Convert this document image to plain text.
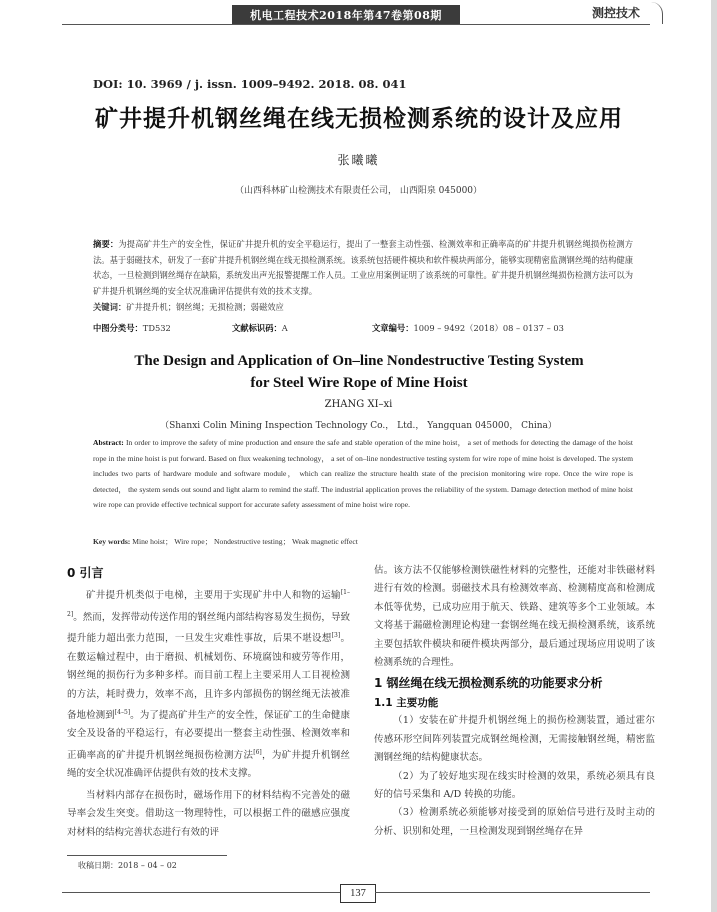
机电工程技术2018年第47卷第08期	测控技术
DOI: 10. 3969 / j. issn. 1009–9492. 2018. 08. 041
矿井提升机钢丝绳在线无损检测系统的设计及应用
张曦曦
（山西科林矿山检测技术有限责任公司， 山西阳泉 045000）
摘要：为提高矿井生产的安全性，保证矿井提升机的安全平稳运行，提出了一整套主动性强、检测效率和正确率高的矿井提升机钢丝绳损伤检测方法。基于弱磁技术，研发了一套矿井提升机钢丝绳在线无损检测系统。该系统包括硬件模块和软件模块两部分，能够实现精密监测钢丝绳的结构健康状态，一旦检测到钢丝绳存在缺陷，系统发出声光报警提醒工作人员。工业应用案例证明了该系统的可靠性。矿井提升机钢丝绳损伤检测方法可以为矿井提升机钢丝绳的安全状况准确评估提供有效的技术支撑。
关键词：矿井提升机；钢丝绳；无损检测；弱磁效应
中图分类号：TD532	文献标识码：A	文章编号：1009 – 9492（2018）08 – 0137 – 03
The Design and Application of On–line Nondestructive Testing System
for Steel Wire Rope of Mine Hoist
ZHANG XI–xi
（Shanxi Colin Mining Inspection Technology Co.， Ltd.， Yangquan 045000， China）
Abstract: In order to improve the safety of mine production and ensure the safe and stable operation of the mine hoist， a set of methods for detecting the damage of the hoist rope in the mine hoist is put forward. Based on flux weakening technology， a set of on–line nondestructive testing system for wire rope of mine hoist is developed. The system includes two parts of hardware module and software module， which can realize the structure health state of the precision monitoring wire rope. Once the wire rope is detected， the system sends out sound and light alarm to remind the staff. The industrial application proves the reliability of the system. Damage detection method of mine hoist wire rope can provide effective technical support for accurate safety assessment of mine hoist wire rope.
Key words: Mine hoist； Wire rope； Nondestructive testing； Weak magnetic effect
0 引言

矿井提升机类似于电梯，主要用于实现矿井中人和物的运输[1–2]。然而，发挥带动传送作用的钢丝绳内部结构容易发生损伤，导致提升能力超出张力范围，一旦发生灾难性事故，后果不堪设想[3]。在數运輸过程中，由于磨损、机械划伤、环境腐蚀和疲劳等作用，钢丝绳的损伤行为多种多样。而目前工程上主要采用人工目视检测的方法，耗时费力，效率不高，且许多内部损伤的钢丝绳无法被准备地检测到[4–5]。为了提高矿井生产的安全性，保证矿工的生命健康安全及设备的平稳运行，有必要提出一整套主动性强、检测效率和正确率高的矿井提升机钢丝绳损伤检测方法[6]，为矿井提升机钢丝绳的安全状况准确评估提供有效的技术支撑。

当材料内部存在损伤时，磁场作用下的材料结构不完善处的磁导率会发生突变。借助这一物理特性，可以根据工件的磁感应强度对材料的结构完善状态进行有效的评

估。该方法不仅能够检测铁磁性材料的完整性，还能对非铁磁材料进行有效的检测。弱磁技术具有检测效率高、检测精度高和检测成本低等优势，已成功应用于航天、铁路、建筑等多个工业领域。本文将基于漏磁检测理论构建一套钢丝绳在线无损检测系统，该系统主要包括软件模块和硬件模块两部分，最后通过现场应用说明了该检测系统的合理性。

1 钢丝绳在线无损检测系统的功能要求分析
1.1 主要功能

（1）安装在矿井提升机钢丝绳上的损伤检测装置，通过霍尔传感环形空间阵列装置完成钢丝绳检测，无需接触钢丝绳，精密监测钢丝绳的结构健康状态。

（2）为了较好地实现在线实时检测的效果，系统必须具有良好的信号采集和 A/D 转换的功能。

（3）检测系统必须能够对接受到的原始信号进行及时主动的分析、识别和处理，一旦检测发现到钢丝绳存在异

收稿日期：2018 – 04 – 02
137
